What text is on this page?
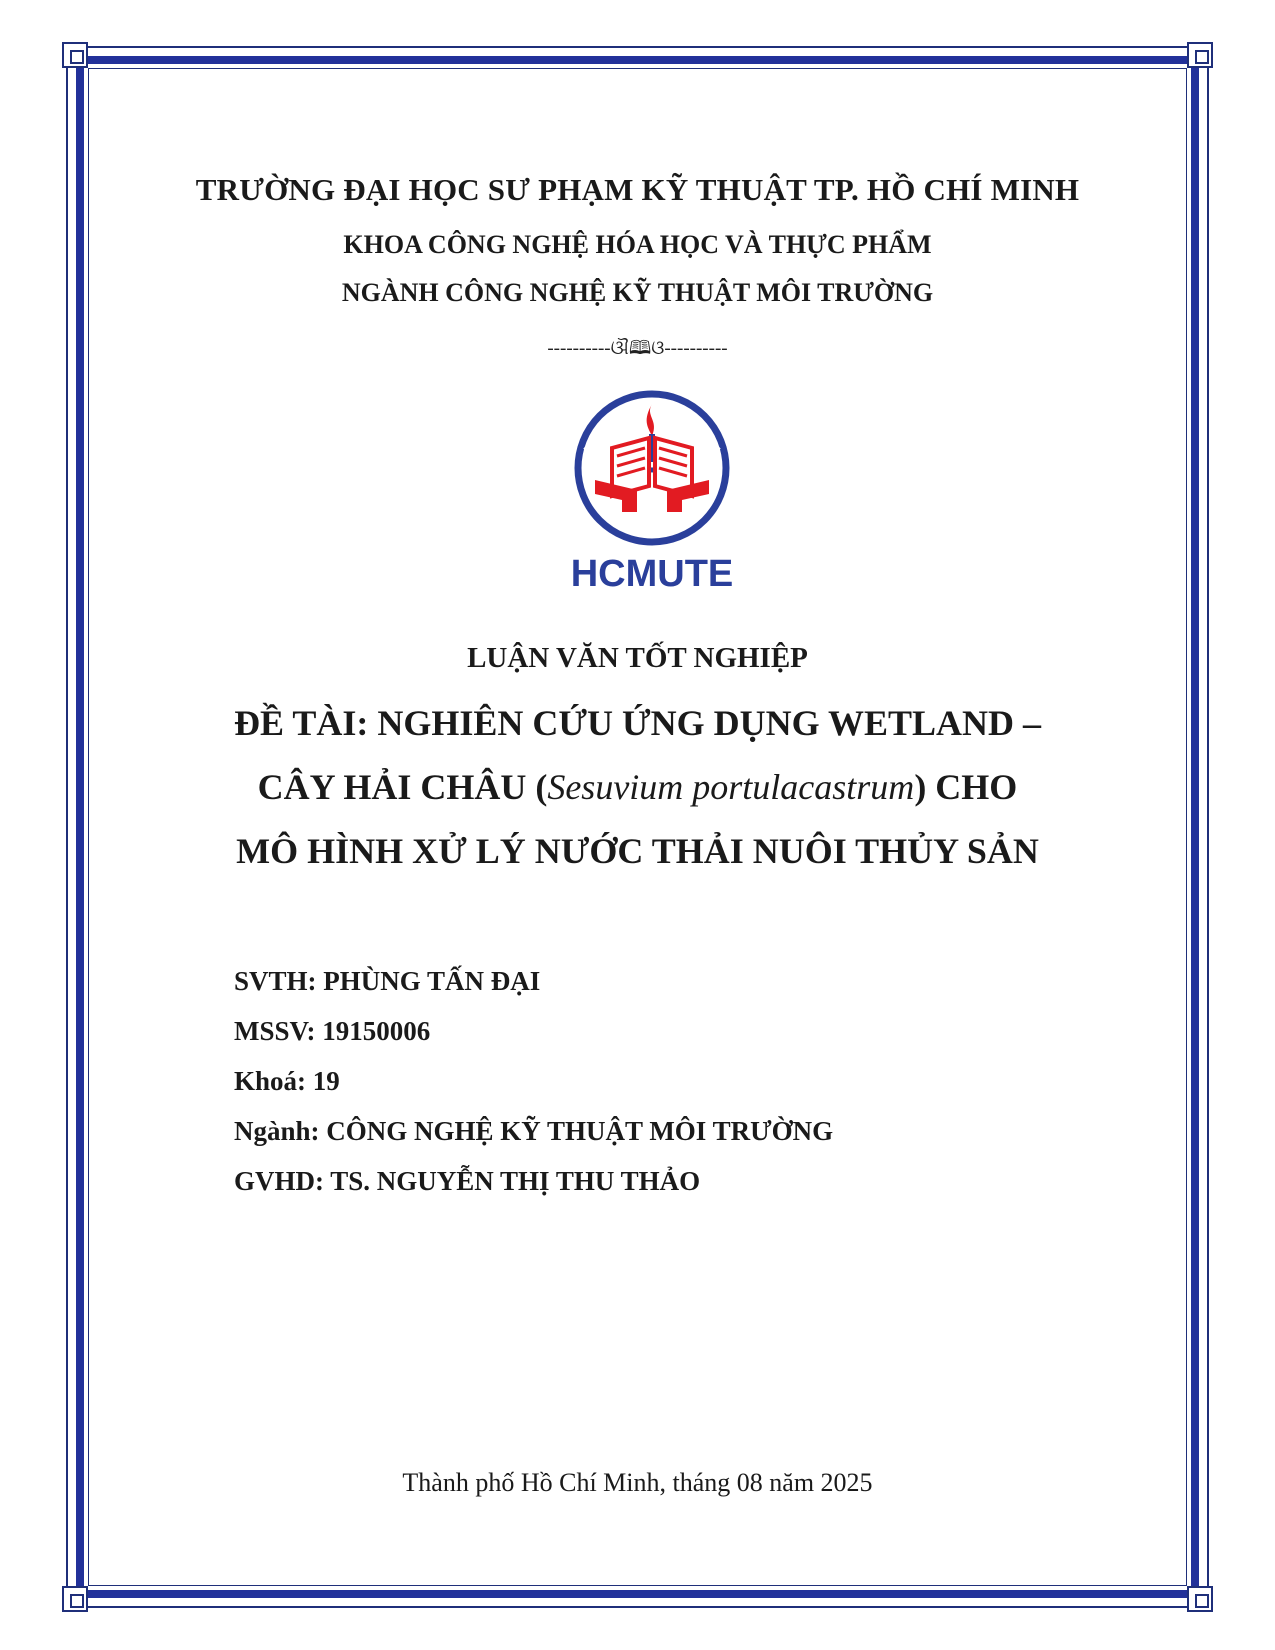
TRƯỜNG ĐẠI HỌC SƯ PHẠM KỸ THUẬT TP. HỒ CHÍ MINH
KHOA CÔNG NGHỆ HÓA HỌC VÀ THỰC PHẨM
NGÀNH CÔNG NGHỆ KỸ THUẬT MÔI TRƯỜNG
----------ଔ🕮ଓ----------
HCMUTE
LUẬN VĂN TỐT NGHIỆP
ĐỀ TÀI: NGHIÊN CỨU ỨNG DỤNG WETLAND –
CÂY HẢI CHÂU (Sesuvium portulacastrum) CHO
MÔ HÌNH XỬ LÝ NƯỚC THẢI NUÔI THỦY SẢN
SVTH: PHÙNG TẤN ĐẠI
MSSV: 19150006
Khoá: 19
Ngành: CÔNG NGHỆ KỸ THUẬT MÔI TRƯỜNG
GVHD: TS. NGUYỄN THỊ THU THẢO
Thành phố Hồ Chí Minh, tháng 08 năm 2025
